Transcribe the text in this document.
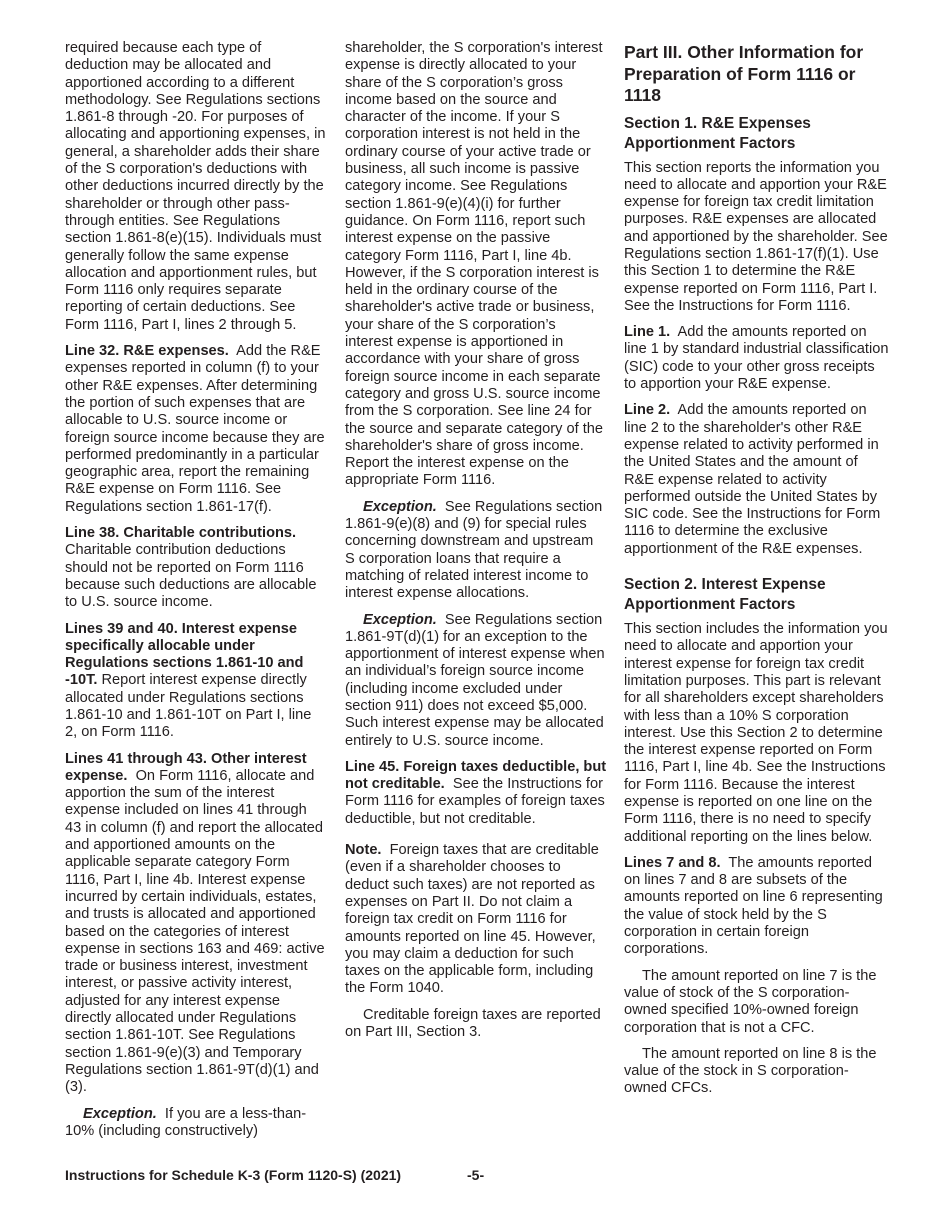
required because each type of deduction may be allocated and apportioned according to a different methodology. See Regulations sections 1.861-8 through -20. For purposes of allocating and apportioning expenses, in general, a shareholder adds their share of the S corporation's deductions with other deductions incurred directly by the shareholder or through other pass-through entities. See Regulations section 1.861-8(e)(15). Individuals must generally follow the same expense allocation and apportionment rules, but Form 1116 only requires separate reporting of certain deductions. See Form 1116, Part I, lines 2 through 5.

Line 32. R&E expenses. Add the R&E expenses reported in column (f) to your other R&E expenses. After determining the portion of such expenses that are allocable to U.S. source income or foreign source income because they are performed predominantly in a particular geographic area, report the remaining R&E expense on Form 1116. See Regulations section 1.861-17(f).

Line 38. Charitable contributions. Charitable contribution deductions should not be reported on Form 1116 because such deductions are allocable to U.S. source income.

Lines 39 and 40. Interest expense specifically allocable under Regulations sections 1.861-10 and -10T. Report interest expense directly allocated under Regulations sections 1.861-10 and 1.861-10T on Part I, line 2, on Form 1116.

Lines 41 through 43. Other interest expense. On Form 1116, allocate and apportion the sum of the interest expense included on lines 41 through 43 in column (f) and report the allocated and apportioned amounts on the applicable separate category Form 1116, Part I, line 4b. Interest expense incurred by certain individuals, estates, and trusts is allocated and apportioned based on the categories of interest expense in sections 163 and 469: active trade or business interest, investment interest, or passive activity interest, adjusted for any interest expense directly allocated under Regulations section 1.861-10T. See Regulations section 1.861-9(e)(3) and Temporary Regulations section 1.861-9T(d)(1) and (3).

Exception. If you are a less-than-10% (including constructively)

shareholder, the S corporation's interest expense is directly allocated to your share of the S corporation’s gross income based on the source and character of the income. If your S corporation interest is not held in the ordinary course of your active trade or business, all such income is passive category income. See Regulations section 1.861-9(e)(4)(i) for further guidance. On Form 1116, report such interest expense on the passive category Form 1116, Part I, line 4b. However, if the S corporation interest is held in the ordinary course of the shareholder's active trade or business, your share of the S corporation’s interest expense is apportioned in accordance with your share of gross foreign source income in each separate category and gross U.S. source income from the S corporation. See line 24 for the source and separate category of the shareholder's share of gross income. Report the interest expense on the appropriate Form 1116.

Exception. See Regulations section 1.861-9(e)(8) and (9) for special rules concerning downstream and upstream S corporation loans that require a matching of related interest income to interest expense allocations.

Exception. See Regulations section 1.861-9T(d)(1) for an exception to the apportionment of interest expense when an individual’s foreign source income (including income excluded under section 911) does not exceed $5,000. Such interest expense may be allocated entirely to U.S. source income.

Line 45. Foreign taxes deductible, but not creditable. See the Instructions for Form 1116 for examples of foreign taxes deductible, but not creditable.

Note. Foreign taxes that are creditable (even if a shareholder chooses to deduct such taxes) are not reported as expenses on Part II. Do not claim a foreign tax credit on Form 1116 for amounts reported on line 45. However, you may claim a deduction for such taxes on the applicable form, including the Form 1040.

Creditable foreign taxes are reported on Part III, Section 3.

Part III. Other Information for Preparation of Form 1116 or 1118
Section 1. R&E Expenses Apportionment Factors

This section reports the information you need to allocate and apportion your R&E expense for foreign tax credit limitation purposes. R&E expenses are allocated and apportioned by the shareholder. See Regulations section 1.861-17(f)(1). Use this Section 1 to determine the R&E expense reported on Form 1116, Part I. See the Instructions for Form 1116.

Line 1. Add the amounts reported on line 1 by standard industrial classification (SIC) code to your other gross receipts to apportion your R&E expense.

Line 2. Add the amounts reported on line 2 to the shareholder's other R&E expense related to activity performed in the United States and the amount of R&E expense related to activity performed outside the United States by SIC code. See the Instructions for Form 1116 to determine the exclusive apportionment of the R&E expenses.

Section 2. Interest Expense Apportionment Factors

This section includes the information you need to allocate and apportion your interest expense for foreign tax credit limitation purposes. This part is relevant for all shareholders except shareholders with less than a 10% S corporation interest. Use this Section 2 to determine the interest expense reported on Form 1116, Part I, line 4b. See the Instructions for Form 1116. Because the interest expense is reported on one line on the Form 1116, there is no need to specify additional reporting on the lines below.

Lines 7 and 8. The amounts reported on lines 7 and 8 are subsets of the amounts reported on line 6 representing the value of stock held by the S corporation in certain foreign corporations.

The amount reported on line 7 is the value of stock of the S corporation-owned specified 10%-owned foreign corporation that is not a CFC.

The amount reported on line 8 is the value of the stock in S corporation-owned CFCs.

Instructions for Schedule K-3 (Form 1120-S) (2021)	-5-
